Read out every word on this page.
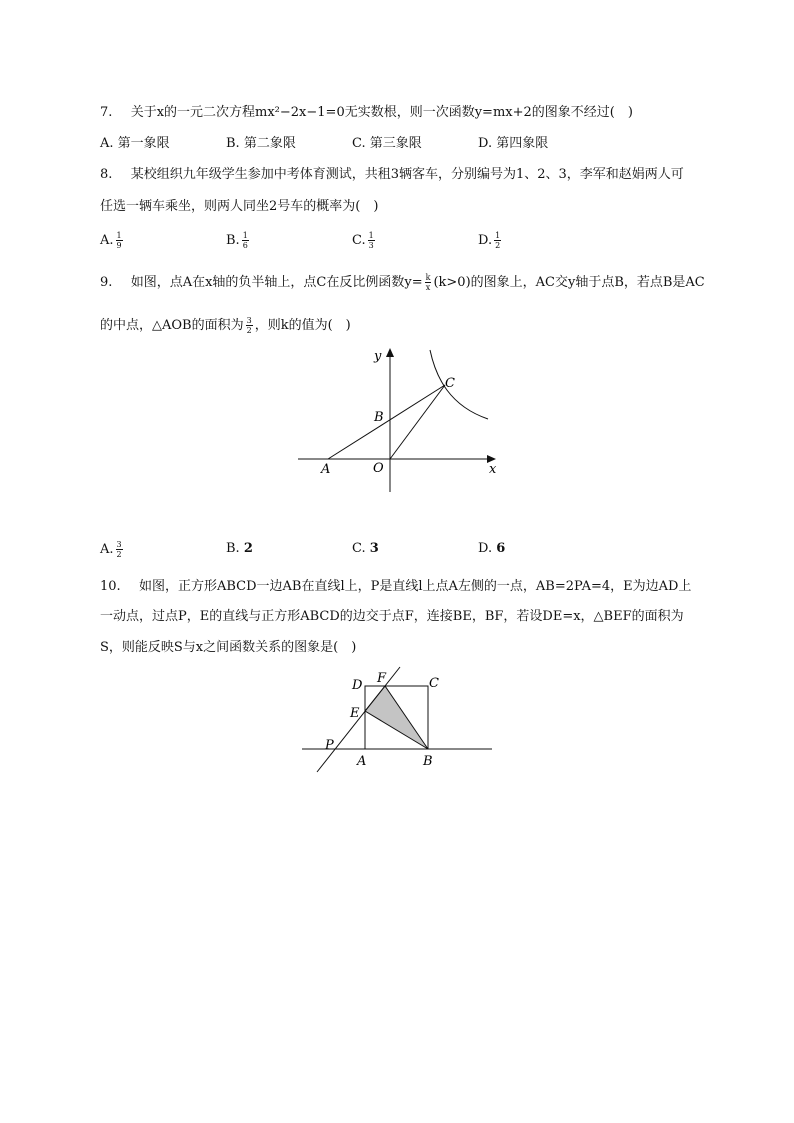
7. 关于x的一元二次方程mx²−2x−1=0无实数根，则一次函数y=mx+2的图象不经过(　)
A. 第一象限	B. 第二象限	C. 第三象限	D. 第四象限
8. 某校组织九年级学生参加中考体育测试，共租3辆客车，分别编号为1、2、3，李军和赵娟两人可
任选一辆车乘坐，则两人同坐2号车的概率为(　)
A. $\frac{1}{9}$	B. $\frac{1}{6}$	C. $\frac{1}{3}$	D. $\frac{1}{2}$
9. 如图，点A在x轴的负半轴上，点C在反比例函数$y= \frac{k}{x} (k>0)$的图象上，AC交y轴于点B，若点B是AC
的中点，△AOB的面积为 $\frac{3}{2}$ ，则k的值为(　)
y
x
A	O
B
C
A. $\frac{3}{2}$	B. 2	C. 3	D. 6
10. 如图，正方形ABCD一边AB在直线l上，P是直线l上点A左侧的一点，AB=2PA=4，E为边AD上
一动点，过点P，E的直线与正方形ABCD的边交于点F，连接BE，BF，若设DE=x，△BEF的面积为
S，则能反映S与x之间函数关系的图象是(　)
D F	C
E
P
A	B
